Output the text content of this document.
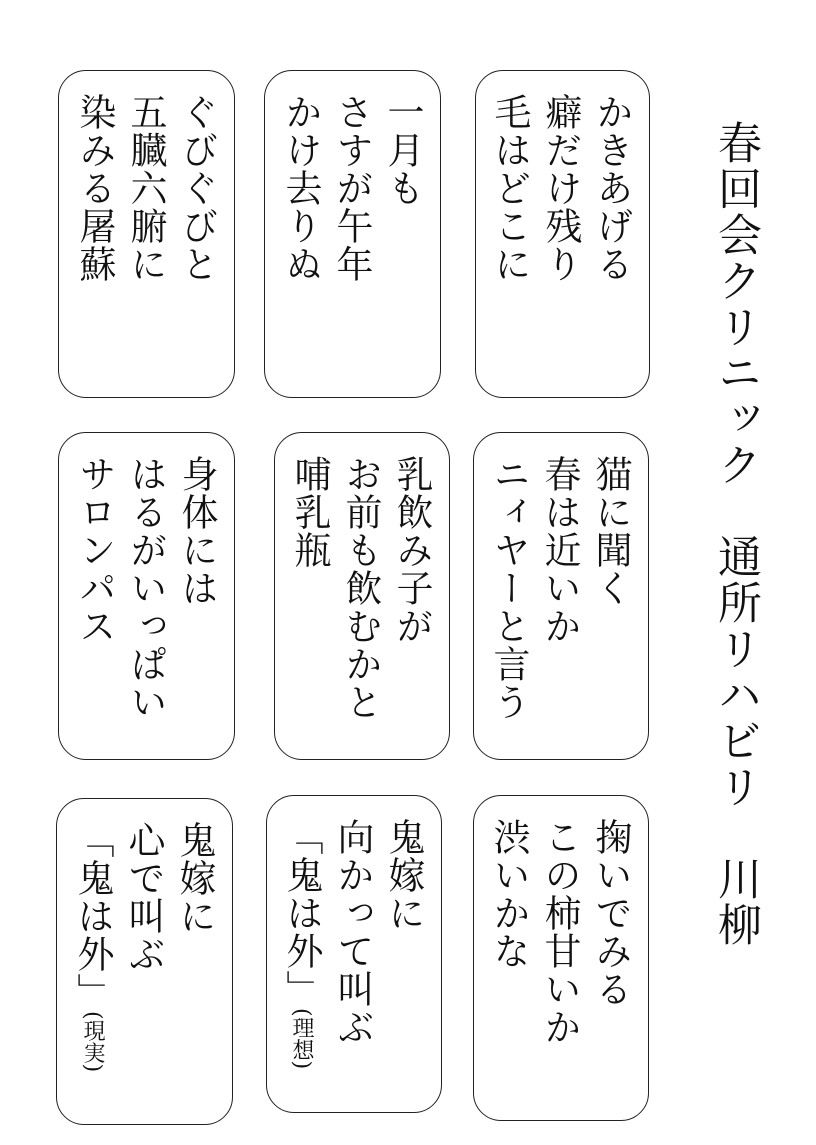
春回会クリニック　通所リハビリ　川柳
かきあげる
癖だけ残り
毛はどこに
一月も
さすが午年
かけ去りぬ
ぐびぐびと
五臓六腑に
染みる屠蘇
猫に聞く
春は近いか
ニィヤーと言う
乳飲み子が
お前も飲むかと
哺乳瓶
身体には
はるがいっぱい
サロンパス
掬いでみる
この柿甘いか
渋いかな
鬼嫁に
向かって叫ぶ
「鬼は外」(理想)
鬼嫁に
心で叫ぶ
「鬼は外」(現実)
